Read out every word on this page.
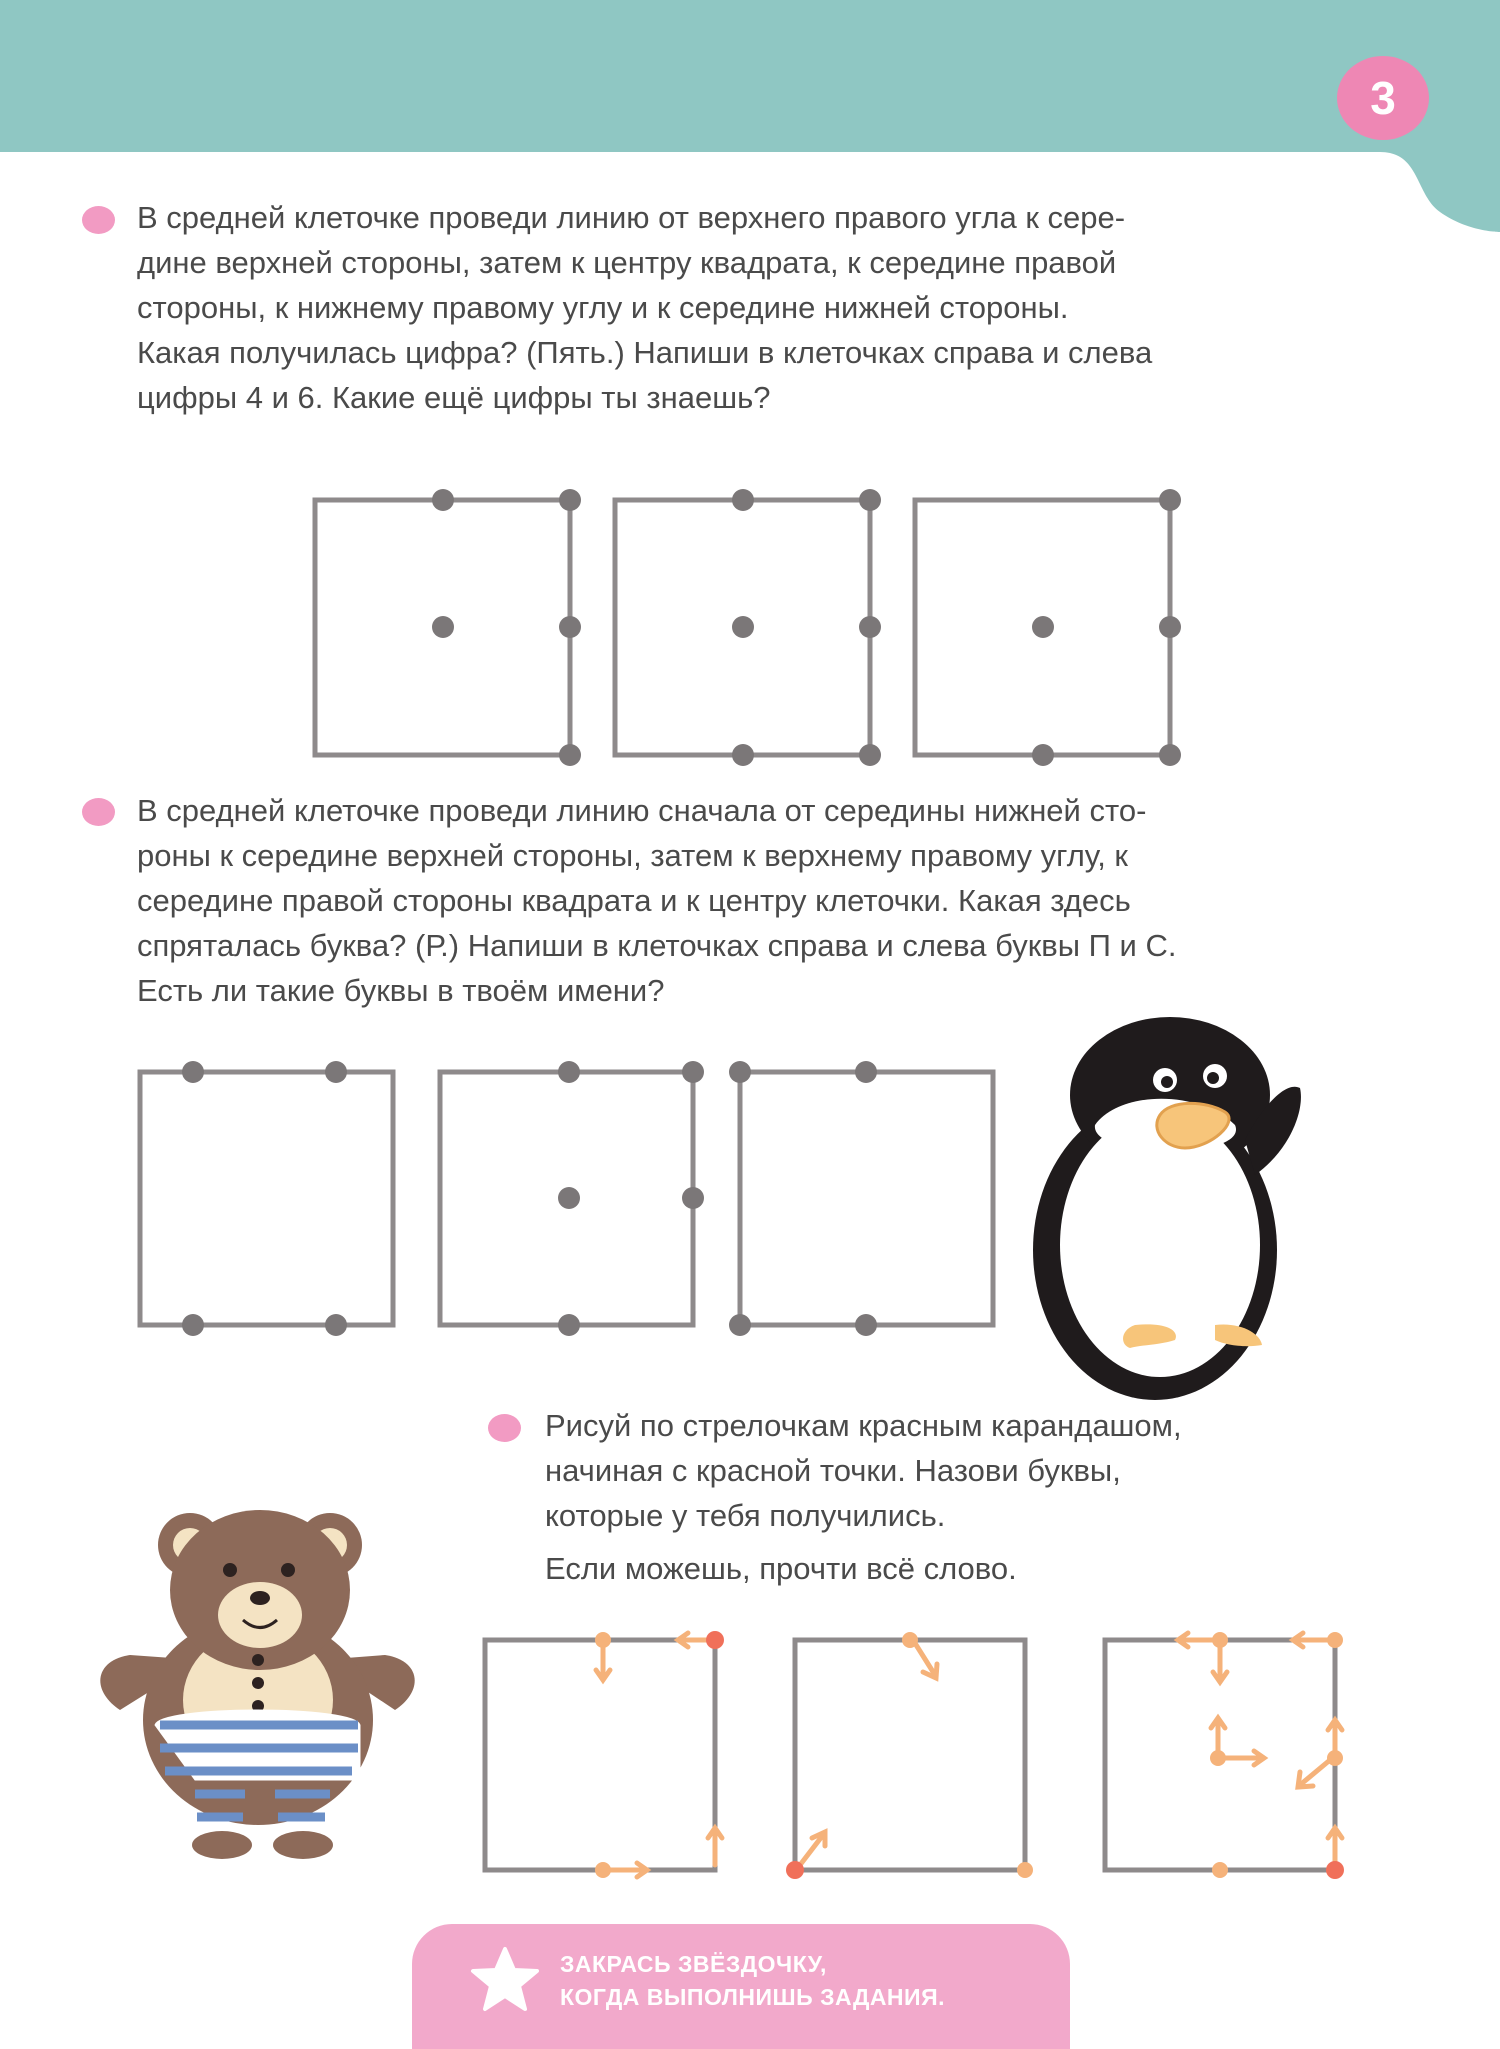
3

В средней клеточке проведи линию от верхнего правого угла к сере-

дине верхней стороны, затем к центру квадрата, к середине правой

стороны, к нижнему правому углу и к середине нижней стороны.

Какая получилась цифра? (Пять.) Напиши в клеточках справа и слева

цифры 4 и 6. Какие ещё цифры ты знаешь?

В средней клеточке проведи линию сначала от середины нижней сто-

роны к середине верхней стороны, затем к верхнему правому углу, к

середине правой стороны квадрата и к центру клеточки. Какая здесь

спряталась буква? (Р.) Напиши в клеточках справа и слева буквы П и С.

Есть ли такие буквы в твоём имени?

Рисуй по стрелочкам красным карандашом,

начиная с красной точки. Назови буквы,

которые у тебя получились.

Если можешь, прочти всё слово.

ЗАКРАСЬ ЗВЁЗДОЧКУ,
КОГДА ВЫПОЛНИШЬ ЗАДАНИЯ.
